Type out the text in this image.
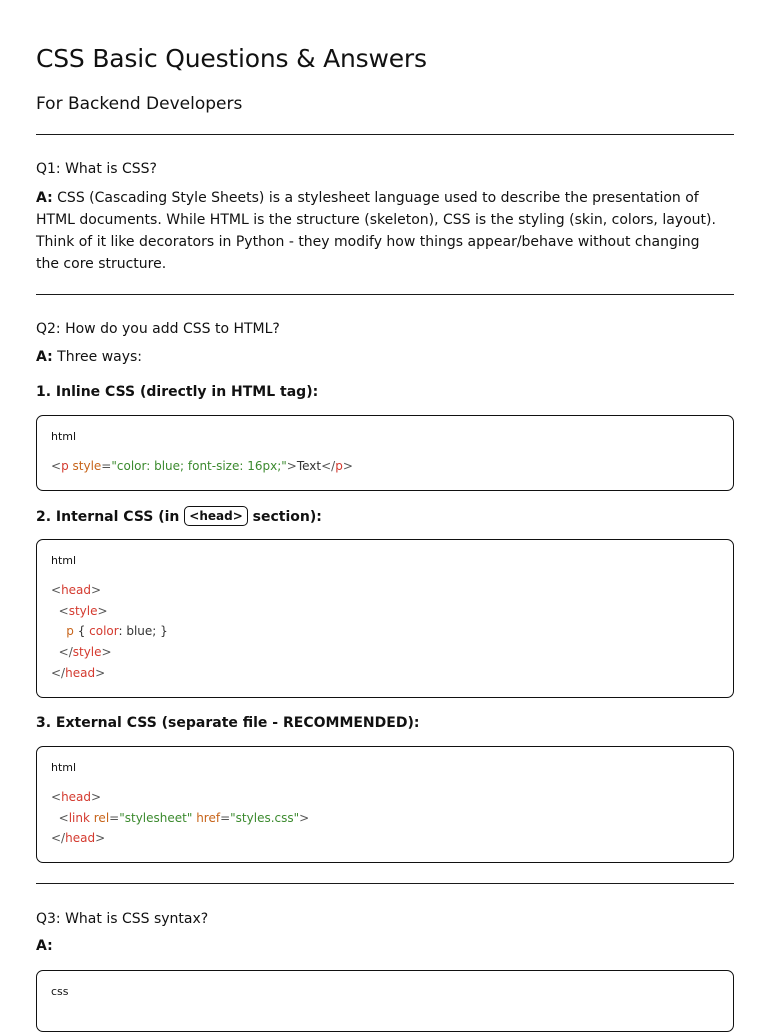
CSS Basic Questions & Answers
For Backend Developers

Q1: What is CSS?

A: CSS (Cascading Style Sheets) is a stylesheet language used to describe the presentation of HTML documents. While HTML is the structure (skeleton), CSS is the styling (skin, colors, layout). Think of it like decorators in Python - they modify how things appear/behave without changing the core structure.

Q2: How do you add CSS to HTML?

A: Three ways:

1. Inline CSS (directly in HTML tag):

html
<p style="color: blue; font-size: 16px;">Text</p>

2. Internal CSS (in <head> section):

html
<head>
<style>
p { color: blue; }
</style>
</head>

3. External CSS (separate file - RECOMMENDED):

html
<head>
<link rel="stylesheet" href="styles.css">
</head>

Q3: What is CSS syntax?

A:

css
